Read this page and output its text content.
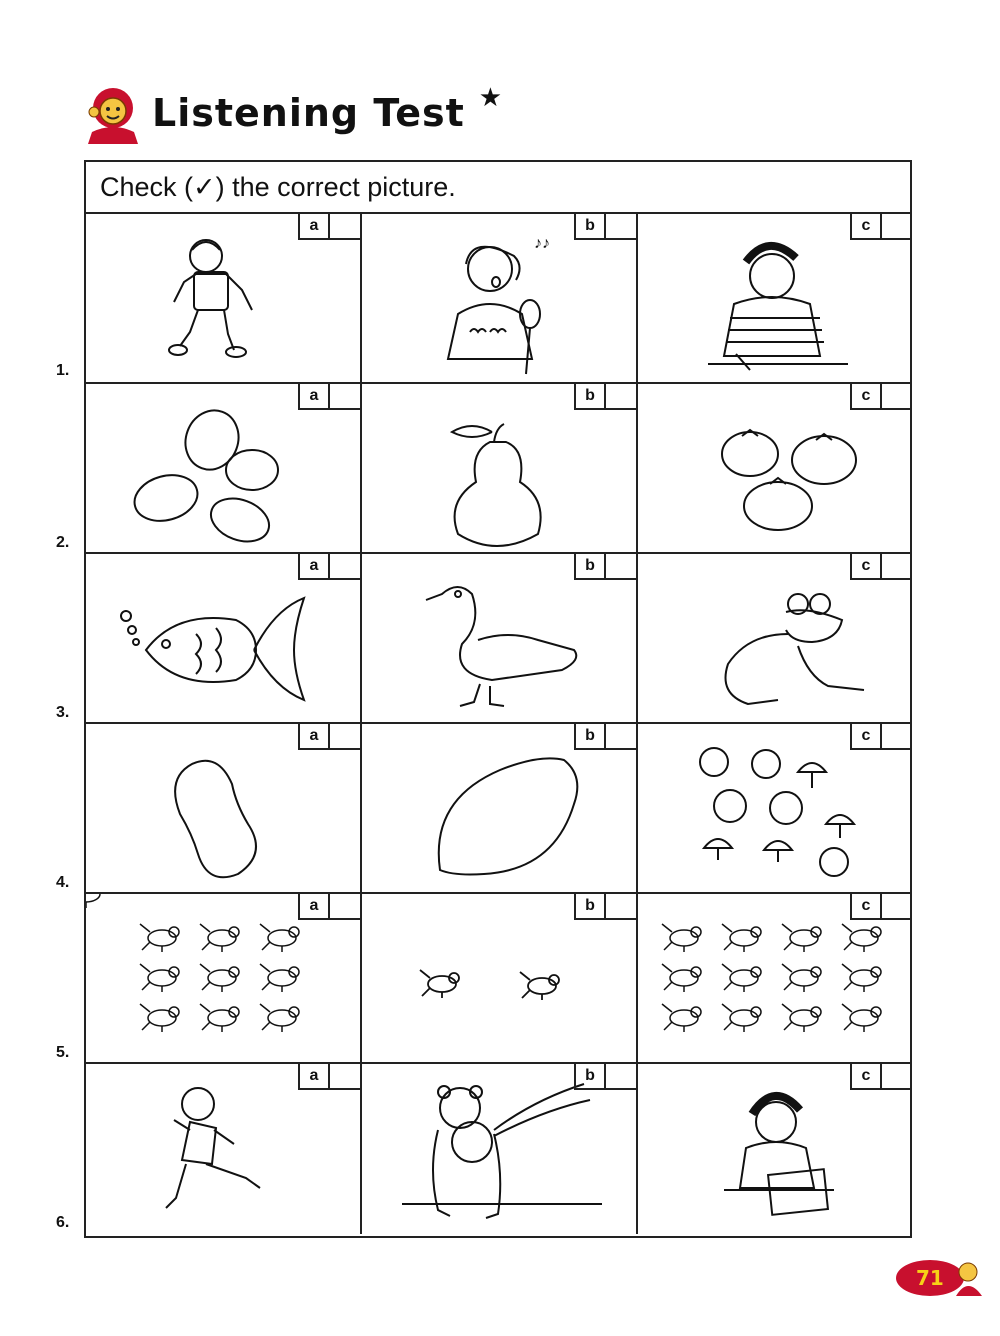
Listening Test ★
Check (✓) the correct picture.
a
♪♪
b	c
a	b	c
a	b	c
a	b	c
a	b	c
a	b	c
1.
2.
3.
4.
5.
6.
71
